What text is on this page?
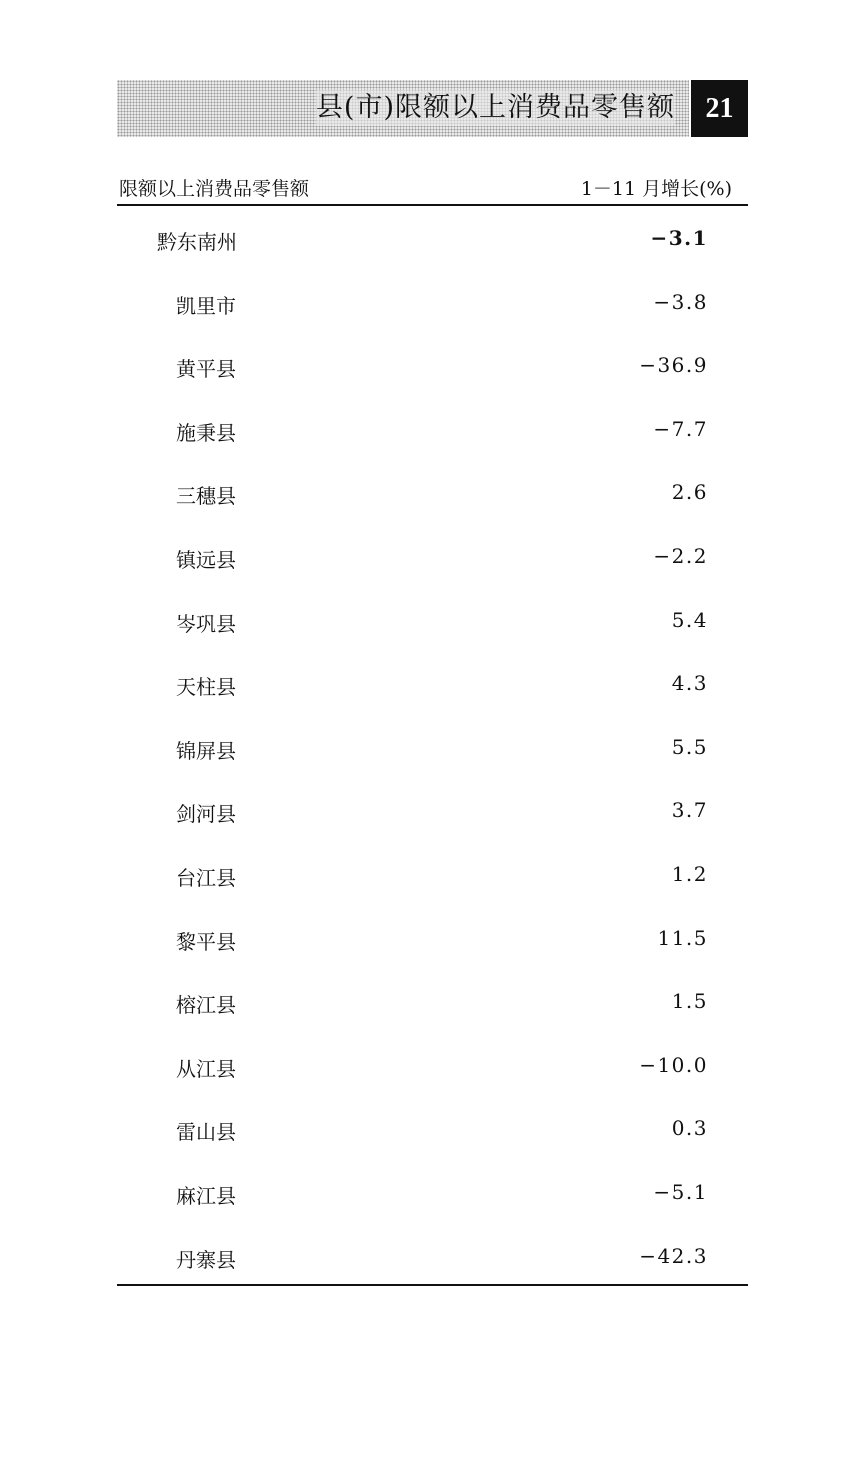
县(市)限额以上消费品零售额	21
限额以上消费品零售额	1－11 月增长(%)
黔东南州	−3.1
凯里市	−3.8
黄平县	−36.9
施秉县	−7.7
三穗县	2.6
镇远县	−2.2
岑巩县	5.4
天柱县	4.3
锦屏县	5.5
剑河县	3.7
台江县	1.2
黎平县	11.5
榕江县	1.5
从江县	−10.0
雷山县	0.3
麻江县	−5.1
丹寨县	−42.3
